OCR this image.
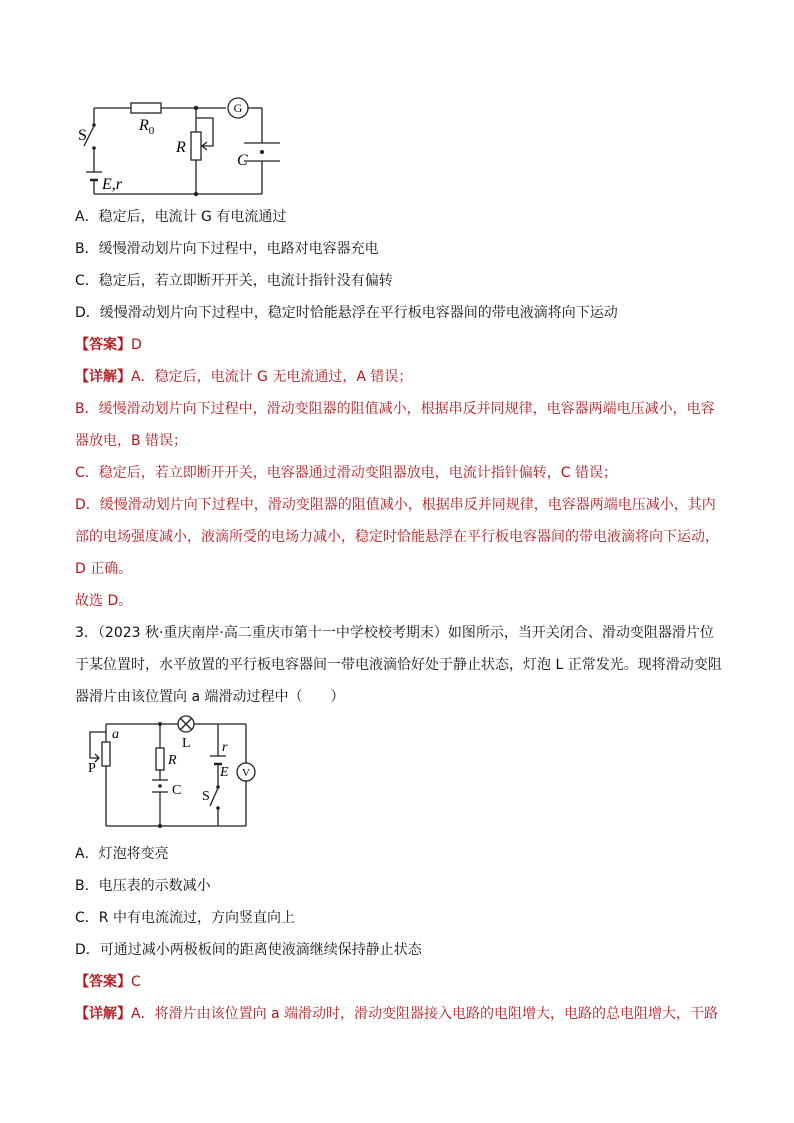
G
S
$R_0$
R
C
E,r
A．稳定后，电流计 G 有电流通过
B．缓慢滑动划片向下过程中，电路对电容器充电
C．稳定后，若立即断开开关，电流计指针没有偏转
D．缓慢滑动划片向下过程中，稳定时恰能悬浮在平行板电容器间的带电液滴将向下运动
【答案】D
【详解】A．稳定后，电流计 G 无电流通过，A 错误；
B．缓慢滑动划片向下过程中，滑动变阻器的阻值减小，根据串反并同规律，电容器两端电压减小，电容
器放电，B 错误；
C．稳定后，若立即断开开关，电容器通过滑动变阻器放电，电流计指针偏转，C 错误；
D．缓慢滑动划片向下过程中，滑动变阻器的阻值减小，根据串反并同规律，电容器两端电压减小，其内
部的电场强度减小，液滴所受的电场力减小，稳定时恰能悬浮在平行板电容器间的带电液滴将向下运动，
D 正确。
故选 D。
3．（2023 秋·重庆南岸·高二重庆市第十一中学校校考期末）如图所示，当开关闭合、滑动变阻器滑片位
于某位置时，水平放置的平行板电容器间一带电液滴恰好处于静止状态，灯泡 L 正常发光。现将滑动变阻
器滑片由该位置向 a 端滑动过程中（　　）
a
P
L
R
C
r
E
S
V
A．灯泡将变亮
B．电压表的示数减小
C．R 中有电流流过，方向竖直向上
D．可通过减小两极板间的距离使液滴继续保持静止状态
【答案】C
【详解】A．将滑片由该位置向 a 端滑动时，滑动变阻器接入电路的电阻增大，电路的总电阻增大，干路
